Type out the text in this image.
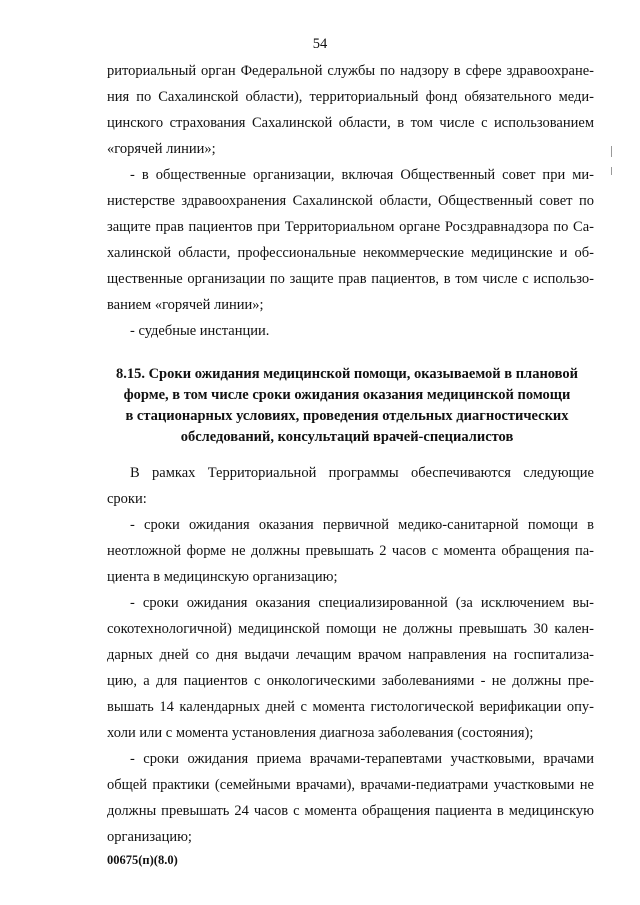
54
риториальный орган Федеральной службы по надзору в сфере здравоохране-
ния по Сахалинской области), территориальный фонд обязательного меди-
цинского страхования Сахалинской области, в том числе с использованием
«горячей линии»;
- в общественные организации, включая Общественный совет при ми-
нистерстве здравоохранения Сахалинской области, Общественный совет по
защите прав пациентов при Территориальном органе Росздравнадзора по Са-
халинской области, профессиональные некоммерческие медицинские и об-
щественные организации по защите прав пациентов, в том числе с использо-
ванием «горячей линии»;
- судебные инстанции.
8.15. Сроки ожидания медицинской помощи, оказываемой в плановой
форме, в том числе сроки ожидания оказания медицинской помощи
в стационарных условиях, проведения отдельных диагностических
обследований, консультаций врачей-специалистов
В рамках Территориальной программы обеспечиваются следующие
сроки:
- сроки ожидания оказания первичной медико-санитарной помощи в
неотложной форме не должны превышать 2 часов с момента обращения па-
циента в медицинскую организацию;
- сроки ожидания оказания специализированной (за исключением вы-
сокотехнологичной) медицинской помощи не должны превышать 30 кален-
дарных дней со дня выдачи лечащим врачом направления на госпитализа-
цию, а для пациентов с онкологическими заболеваниями - не должны пре-
вышать 14 календарных дней с момента гистологической верификации опу-
холи или с момента установления диагноза заболевания (состояния);
- сроки ожидания приема врачами-терапевтами участковыми, врачами
общей практики (семейными врачами), врачами-педиатрами участковыми не
должны превышать 24 часов с момента обращения пациента в медицинскую
организацию;
00675(п)(8.0)
